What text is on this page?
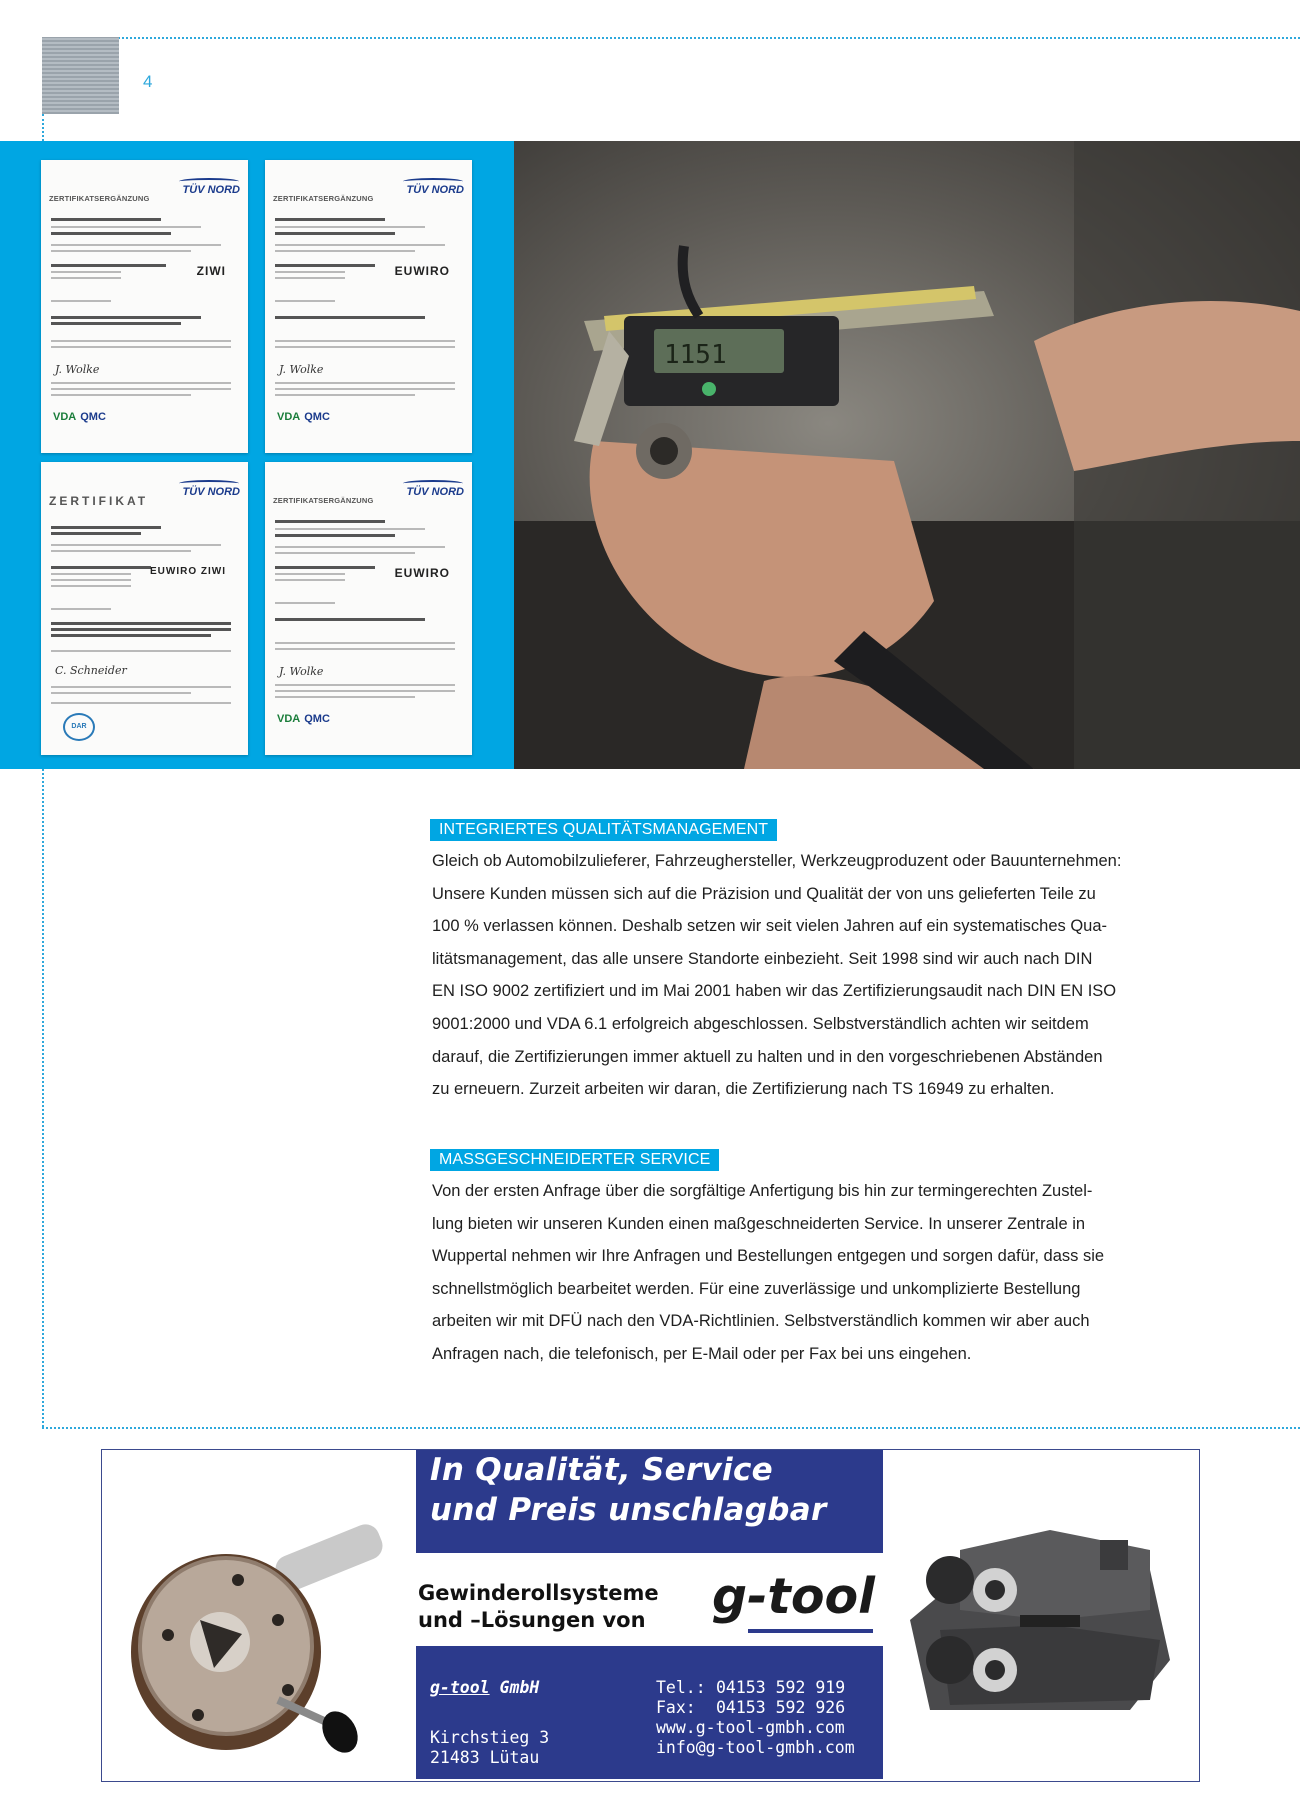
4
TÜV NORD
ZERTIFIKATSERGÄNZUNG
ZIWI
J. Wolke
VDA QMC
TÜV NORD
ZERTIFIKATSERGÄNZUNG
EUWIRO
J. Wolke
VDA QMC
TÜV NORD
ZERTIFIKAT
EUWIRO ZIWI
C. Schneider
DAR
TÜV NORD
ZERTIFIKATSERGÄNZUNG
EUWIRO
J. Wolke
VDA QMC
1151
INTEGRIERTES QUALITÄTSMANAGEMENT
Gleich ob Automobilzulieferer, Fahrzeughersteller, Werkzeugproduzent oder Bauunternehmen:
Unsere Kunden müssen sich auf die Präzision und Qualität der von uns gelieferten Teile zu
100 % verlassen können. Deshalb setzen wir seit vielen Jahren auf ein systematisches Qua-
litätsmanagement, das alle unsere Standorte einbezieht. Seit 1998 sind wir auch nach DIN
EN ISO 9002 zertifiziert und im Mai 2001 haben wir das Zertifizierungsaudit nach DIN EN ISO
9001:2000 und VDA 6.1 erfolgreich abgeschlossen. Selbstverständlich achten wir seitdem
darauf, die Zertifizierungen immer aktuell zu halten und in den vorgeschriebenen Abständen
zu erneuern. Zurzeit arbeiten wir daran, die Zertifizierung nach TS 16949 zu erhalten.
MASSGESCHNEIDERTER SERVICE
Von der ersten Anfrage über die sorgfältige Anfertigung bis hin zur termingerechten Zustel-
lung bieten wir unseren Kunden einen maßgeschneiderten Service. In unserer Zentrale in
Wuppertal nehmen wir Ihre Anfragen und Bestellungen entgegen und sorgen dafür, dass sie
schnellstmöglich bearbeitet werden. Für eine zuverlässige und unkomplizierte Bestellung
arbeiten wir mit DFÜ nach den VDA-Richtlinien. Selbstverständlich kommen wir aber auch
Anfragen nach, die telefonisch, per E-Mail oder per Fax bei uns eingehen.
In Qualität, Service
und Preis unschlagbar
Gewinderollsysteme
und –Lösungen von g-tool
g-tool GmbH
Kirchstieg 3
21483 Lütau
Tel.: 04153 592 919
Fax: 04153 592 926
www.g-tool-gmbh.com
info@g-tool-gmbh.com
